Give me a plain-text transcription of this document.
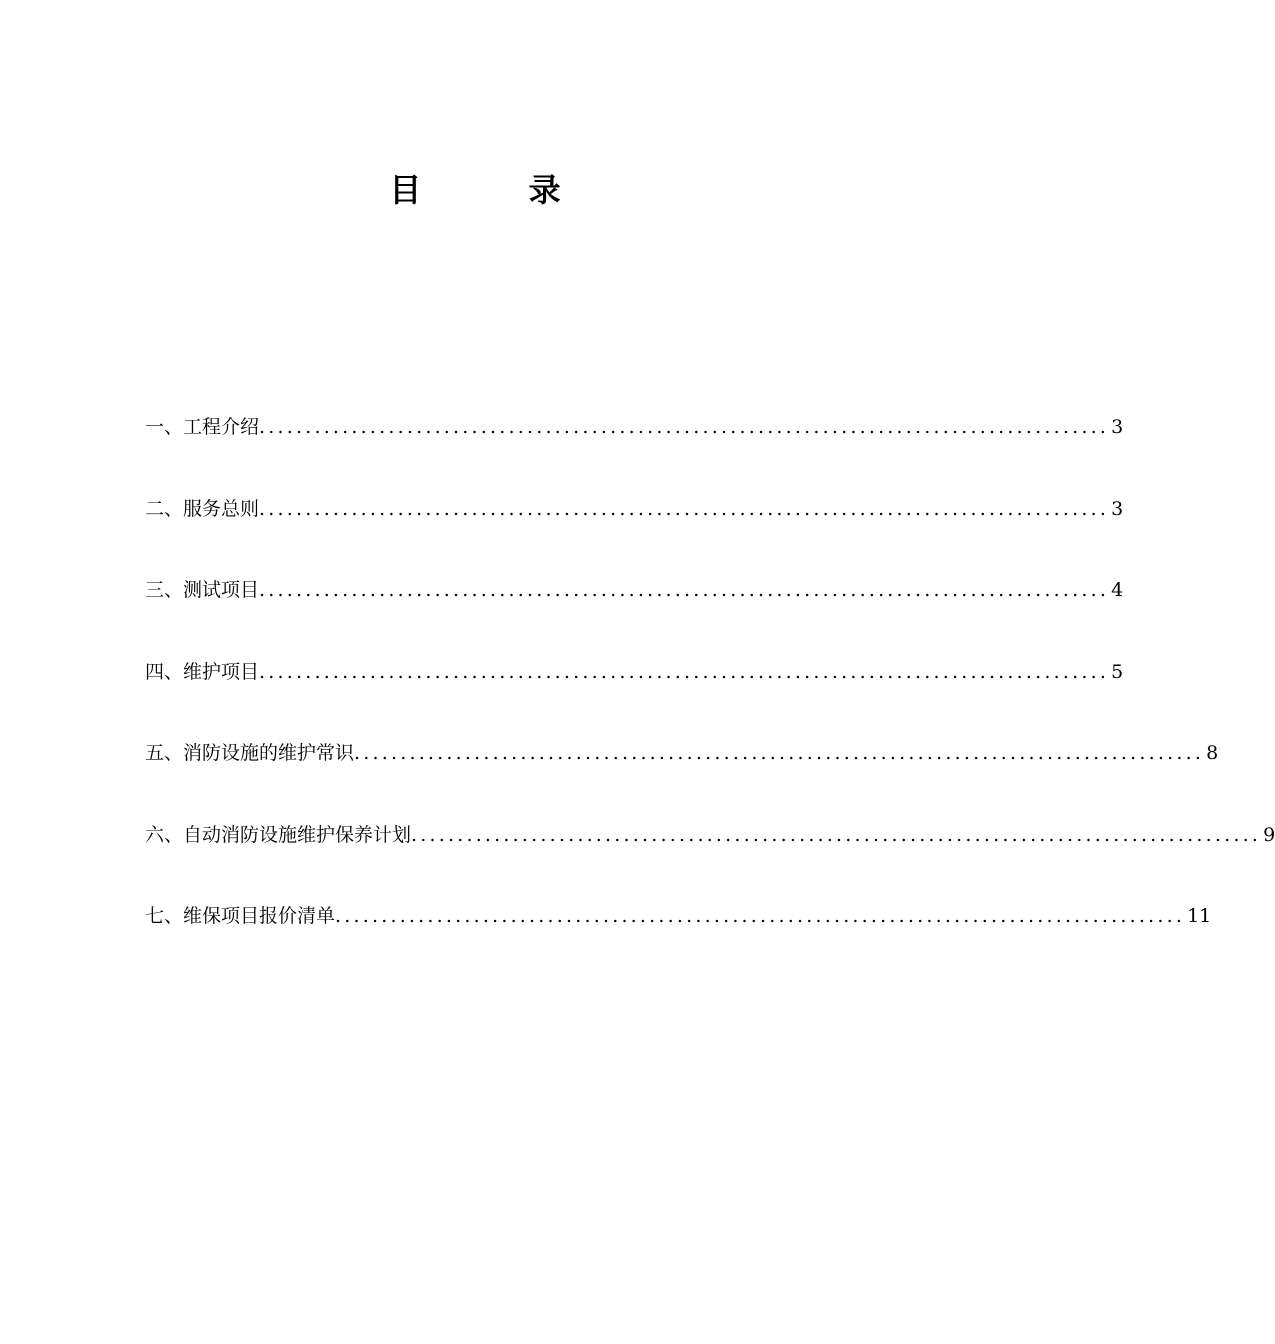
目 录
一、工程介绍 ............................................................................................ 3
二、服务总则 ............................................................................................ 3
三、测试项目 ............................................................................................ 4
四、维护项目 ............................................................................................ 5
五、消防设施的维护常识 ............................................................................................ 8
六、自动消防设施维护保养计划 ............................................................................................ 9
七、维保项目报价清单 ............................................................................................ 11
